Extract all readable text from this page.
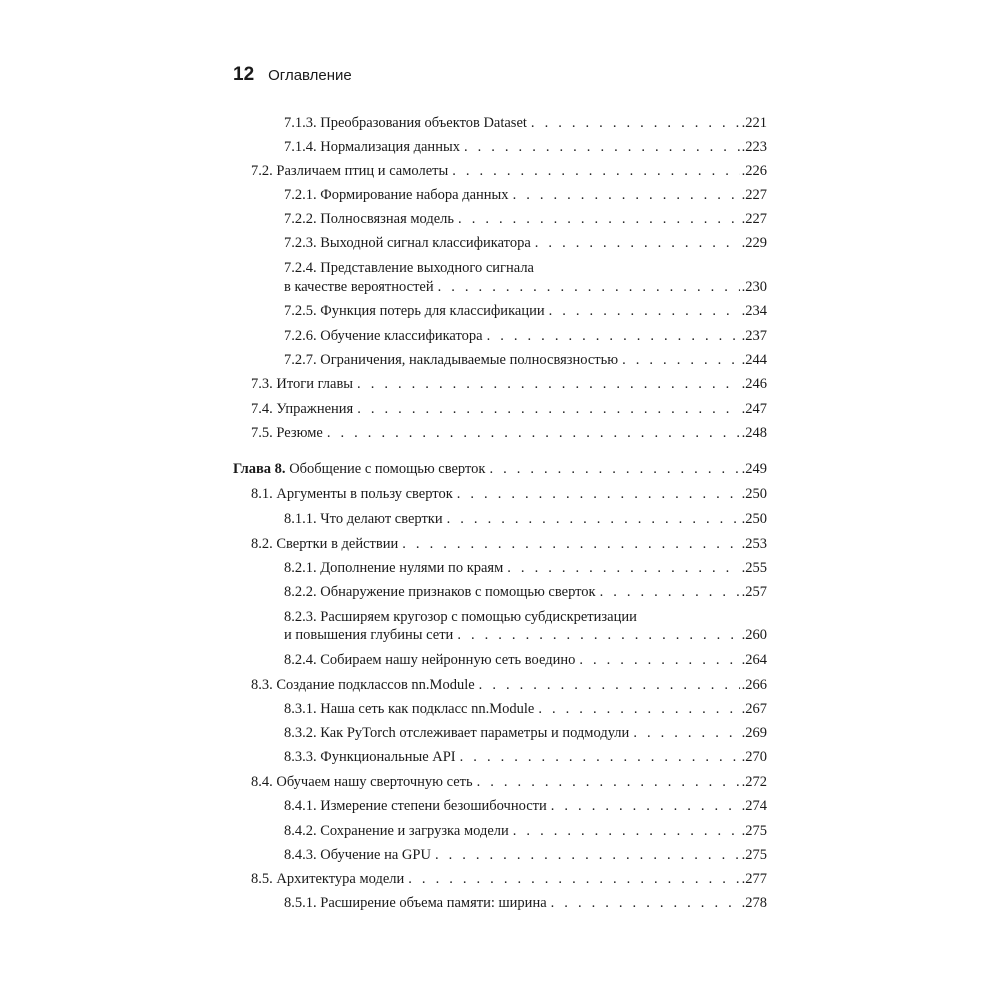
12 Оглавление
7.1.3. Преобразования объектов Dataset . . .	.221
7.1.4. Нормализация данных . . .	.223
7.2. Различаем птиц и самолеты . . .	.226
7.2.1. Формирование набора данных . . .	.227
7.2.2. Полносвязная модель . . .	.227
7.2.3. Выходной сигнал классификатора . . .	.229
7.2.4. Представление выходного сигнала
в качестве вероятностей . . .	.230
7.2.5. Функция потерь для классификации . . .	.234
7.2.6. Обучение классификатора . . .	.237
7.2.7. Ограничения, накладываемые полносвязностью . . .	.244
7.3. Итоги главы . . .	.246
7.4. Упражнения . . .	.247
7.5. Резюме . . .	.248
Глава 8. Обобщение с помощью сверток . . .	.249
8.1. Аргументы в пользу сверток . . .	.250
8.1.1. Что делают свертки . . .	.250
8.2. Свертки в действии . . .	.253
8.2.1. Дополнение нулями по краям . . .	.255
8.2.2. Обнаружение признаков с помощью сверток . . .	.257
8.2.3. Расширяем кругозор с помощью субдискретизации
и повышения глубины сети . . .	.260
8.2.4. Собираем нашу нейронную сеть воедино . . .	.264
8.3. Создание подклассов nn.Module . . .	.266
8.3.1. Наша сеть как подкласс nn.Module . . .	.267
8.3.2. Как PyTorch отслеживает параметры и подмодули . . .	.269
8.3.3. Функциональные API . . .	.270
8.4. Обучаем нашу сверточную сеть . . .	.272
8.4.1. Измерение степени безошибочности . . .	.274
8.4.2. Сохранение и загрузка модели . . .	.275
8.4.3. Обучение на GPU . . .	.275
8.5. Архитектура модели . . .	.277
8.5.1. Расширение объема памяти: ширина . . .	.278
